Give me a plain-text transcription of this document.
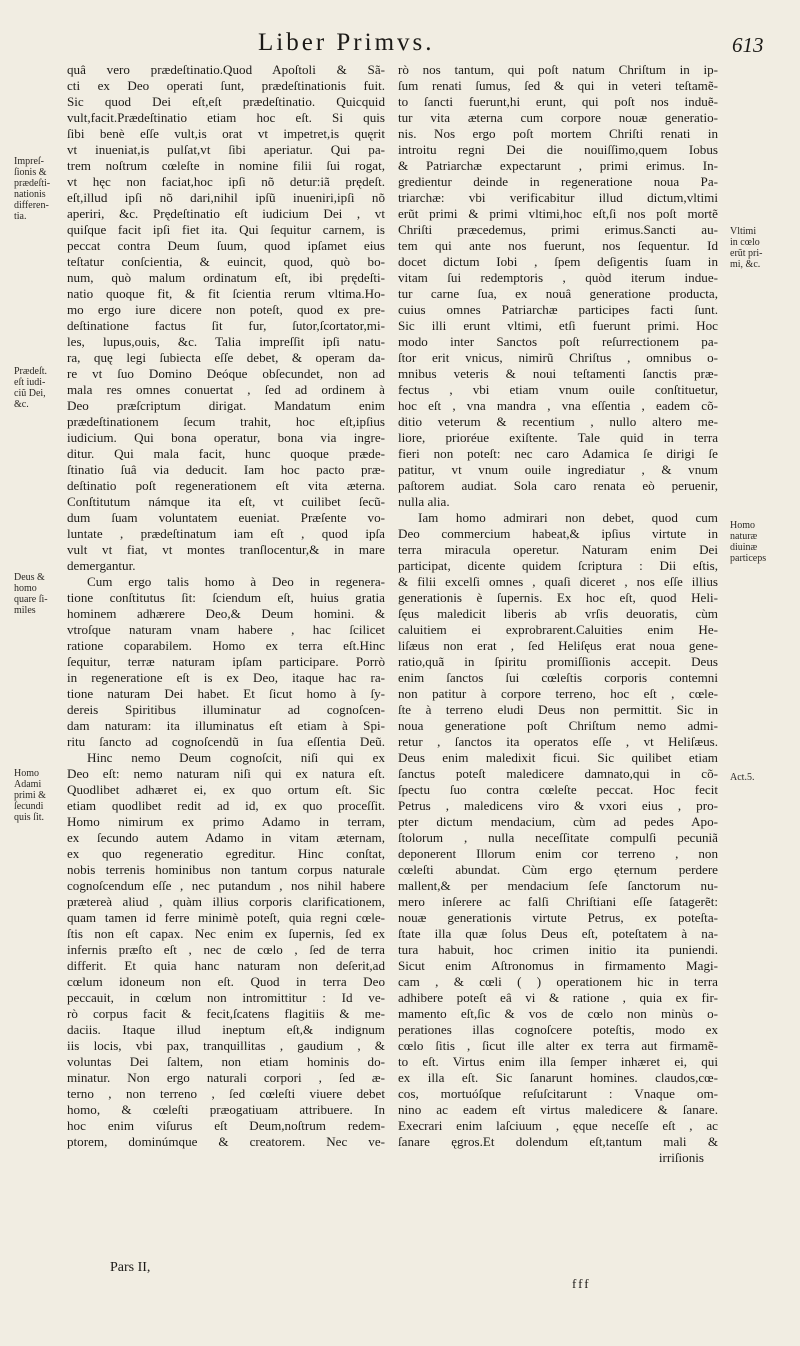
Liber Primvs.	613
quâ vero prædeſtinatio.Quod Apoſtoli & Sã-
cti ex Deo operati ſunt, prædeſtinationis fuit.
Sic quod Dei eſt,eſt prædeſtinatio. Quicquid
vult,facit.Prædeſtinatio etiam hoc eſt. Si quis
ſibi benè eſſe vult,is orat vt impetret,is quęrit
vt inueniat,is pulſat,vt ſibi aperiatur. Qui pa-
trem noſtrum cœleſte in nomine filii ſui rogat,
vt hęc non faciat,hoc ipſi nõ detur:iã prędeſt.
eſt,illud ipſi nõ dari,nihil ipſũ inueniri,ipſi nõ
aperiri, &c. Prędeſtinatio eſt iudicium Dei , vt
quiſque facit ipſi fiet ita. Qui ſequitur carnem, is
peccat contra Deum ſuum, quod ipſamet eius
teſtatur conſcientia, & euincit, quod, quò bo-
num, quò malum ordinatum eſt, ibi prędeſti-
natio quoque fit, & fit ſcientia rerum vltima.Ho-
mo ergo iure dicere non poteſt, quod ex pre-
deſtinatione factus ſit fur, ſutor,ſcortator,mi-
les, lupus,ouis, &c. Talia impreſſit ipſi natu-
ra, quę legi ſubiecta eſſe debet, & operam da-
re vt ſuo Domino Deóque obſecundet, non ad
mala res omnes conuertat , ſed ad ordinem à
Deo præſcriptum dirigat. Mandatum enim
prædeſtinationem ſecum trahit, hoc eſt,ipſius
iudicium. Qui bona operatur, bona via ingre-
ditur. Qui mala facit, hunc quoque præde-
ſtinatio ſuâ via deducit. Iam hoc pacto præ-
deſtinatio poſt regenerationem eſt vita æterna.
Conſtitutum námque ita eſt, vt cuilibet ſecũ-
dum ſuam voluntatem eueniat. Præſente vo-
luntate , prædeſtinatum iam eſt , quod ipſa
vult vt fiat, vt montes tranſlocentur,& in mare
demergantur.
Cum ergo talis homo à Deo in regenera-
tione conſtitutus ſit: ſciendum eſt, huius gratia
hominem adhærere Deo,& Deum homini. &
vtroſque naturam vnam habere , hac ſcilicet
ratione coparabilem. Homo ex terra eſt.Hinc
ſequitur, terræ naturam ipſam participare. Porrò
in regeneratione eſt is ex Deo, itaque hac ra-
tione naturam Dei habet. Et ſicut homo à ſy-
dereis Spiritibus illuminatur ad cognoſcen-
dam naturam: ita illuminatus eſt etiam à Spi-
ritu ſancto ad cognoſcendũ in ſua eſſentia Deũ.
Hinc nemo Deum cognoſcit, niſi qui ex
Deo eſt: nemo naturam niſi qui ex natura eſt.
Quodlibet adhæret ei, ex quo ortum eſt. Sic
etiam quodlibet redit ad id, ex quo proceſſit.
Homo nimirum ex primo Adamo in terram,
ex ſecundo autem Adamo in vitam æternam,
ex quo regeneratio egreditur. Hinc conſtat,
nobis terrenis hominibus non tantum corpus naturale
cognoſcendum eſſe , nec putandum , nos nihil habere
prætereà aliud , quàm illius corporis clarificationem,
quam tamen id ferre minimè poteſt, quia regni cœle-
ſtis non eſt capax. Nec enim ex ſupernis, ſed ex
infernis præſto eſt , nec de cœlo , ſed de terra
differit. Et quia hanc naturam non deſerit,ad
cœlum idoneum non eſt. Quod in terra Deo
peccauit, in cœlum non intromittitur : Id ve-
rò corpus facit & fecit,ſcatens flagitiis & me-
daciis. Itaque illud ineptum eſt,& indignum
iis locis, vbi pax, tranquillitas , gaudium , &
voluntas Dei ſaltem, non etiam hominis do-
minatur. Non ergo naturali corpori , ſed æ-
terno , non terreno , ſed cœleſti viuere debet
homo, & cœleſti præogatiuam attribuere. In
hoc enim viſurus eſt Deum,noſtrum redem-
ptorem, dominúmque & creatorem. Nec ve-
rò nos tantum, qui poſt natum Chriſtum in ip-
ſum renati ſumus, ſed & qui in veteri teſtamẽ-
to ſancti fuerunt,hi erunt, qui poſt nos induẽ-
tur vita æterna cum corpore nouæ generatio-
nis. Nos ergo poſt mortem Chriſti renati in
introitu regni Dei die nouiſſimo,quem Iobus
& Patriarchæ expectarunt , primi erimus. In-
gredientur deinde in regeneratione noua Pa-
triarchæ: vbi verificabitur illud dictum,vltimi
erũt primi & primi vltimi,hoc eſt,ſi nos poſt mortẽ
Chriſti præcedemus, primi erimus.Sancti au-
tem qui ante nos fuerunt, nos ſequentur. Id
docet dictum Iobi , ſpem deſigentis ſuam in
vitam ſui redemptoris , quòd iterum indue-
tur carne ſua, ex nouâ generatione producta,
cuius omnes Patriarchæ participes facti ſunt.
Sic illi erunt vltimi, etſi fuerunt primi. Hoc
modo inter Sanctos poſt reſurrectionem pa-
ſtor erit vnicus, nimirũ Chriſtus , omnibus o-
mnibus veteris & noui teſtamenti ſanctis præ-
fectus , vbi etiam vnum ouile conſtituetur,
hoc eſt , vna mandra , vna eſſentia , eadem cõ-
ditio veterum & recentium , nullo altero me-
liore, prioréue exiſtente. Tale quid in terra
fieri non poteſt: nec caro Adamica ſe dirigi ſe
patitur, vt vnum ouile ingrediatur , & vnum
paſtorem audiat. Sola caro renata eò peruenir,
nulla alia.
Iam homo admirari non debet, quod cum
Deo commercium habeat,& ipſius virtute in
terra miracula operetur. Naturam enim Dei
participat, dicente quidem ſcriptura : Dii eſtis,
& filii excelſi omnes , quaſi diceret , nos eſſe illius
generationis è ſupernis. Ex hoc eſt, quod Heli-
ſęus maledicit liberis ab vrſis deuoratis, cùm
caluitiem ei exprobrarent.Caluities enim He-
liſæus non erat , ſed Heliſęus erat noua gene-
ratio,quã in ſpiritu promiſſionis accepit. Deus
enim ſanctos ſui cœleſtis corporis contemni
non patitur à corpore terreno, hoc eſt , cœle-
ſte à terreno eludi Deus non permittit. Sic in
noua generatione poſt Chriſtum nemo admi-
retur , ſanctos ita operatos eſſe , vt Heliſæus.
Deus enim maledixit ficui. Sic quilibet etiam
ſanctus poteſt maledicere damnato,qui in cõ-
ſpectu ſuo contra cœleſte peccat. Hoc fecit
Petrus , maledicens viro & vxori eius , pro-
pter dictum mendacium, cùm ad pedes Apo-
ſtolorum , nulla neceſſitate compulſi pecuniã
deponerent Illorum enim cor terreno , non
cœleſti abundat. Cùm ergo ęternum perdere
mallent,& per mendacium ſeſe ſanctorum nu-
mero inſerere ac falſi Chriſtiani eſſe ſatagerẽt:
nouæ generationis virtute Petrus, ex poteſta-
ſtate illa quæ ſolus Deus eſt, poteſtatem à na-
tura habuit, hoc crimen initio ita puniendi.
Sicut enim Aſtronomus in firmamento Magi-
cam , & cœli ( ) operationem hic in terra
adhibere poteſt eâ vi & ratione , quia ex fir-
mamento eſt,ſic & vos de cœlo non minùs o-
perationes illas cognoſcere poteſtis, modo ex
cœlo ſitis , ſicut ille alter ex terra aut firmamẽ-
to eſt. Virtus enim illa ſemper inhæret ei, qui
ex illa eſt. Sic ſanarunt homines. claudos,cœ-
cos, mortuóſque reſuſcitarunt : Vnaque om-
nino ac eadem eſt virtus maledicere & ſanare.
Execrari enim laſciuum , ęque neceſſe eſt , ac
ſanare ęgros.Et dolendum eſt,tantum mali &
irriſionis
Impreſ-
ſionis &
prædeſti-
nationis
differen-
tia.
Prædeſt.
eſt iudi-
ciũ Dei,
&c.
Deus &
homo
quare ſi-
miles
Homo
Adami
primi &
ſecundi
quis ſit.
Vltimi
in cœlo
erũt pri-
mi, &c.
Homo
naturæ
diuinæ
particeps
Act.5.
Pars II,
fff
